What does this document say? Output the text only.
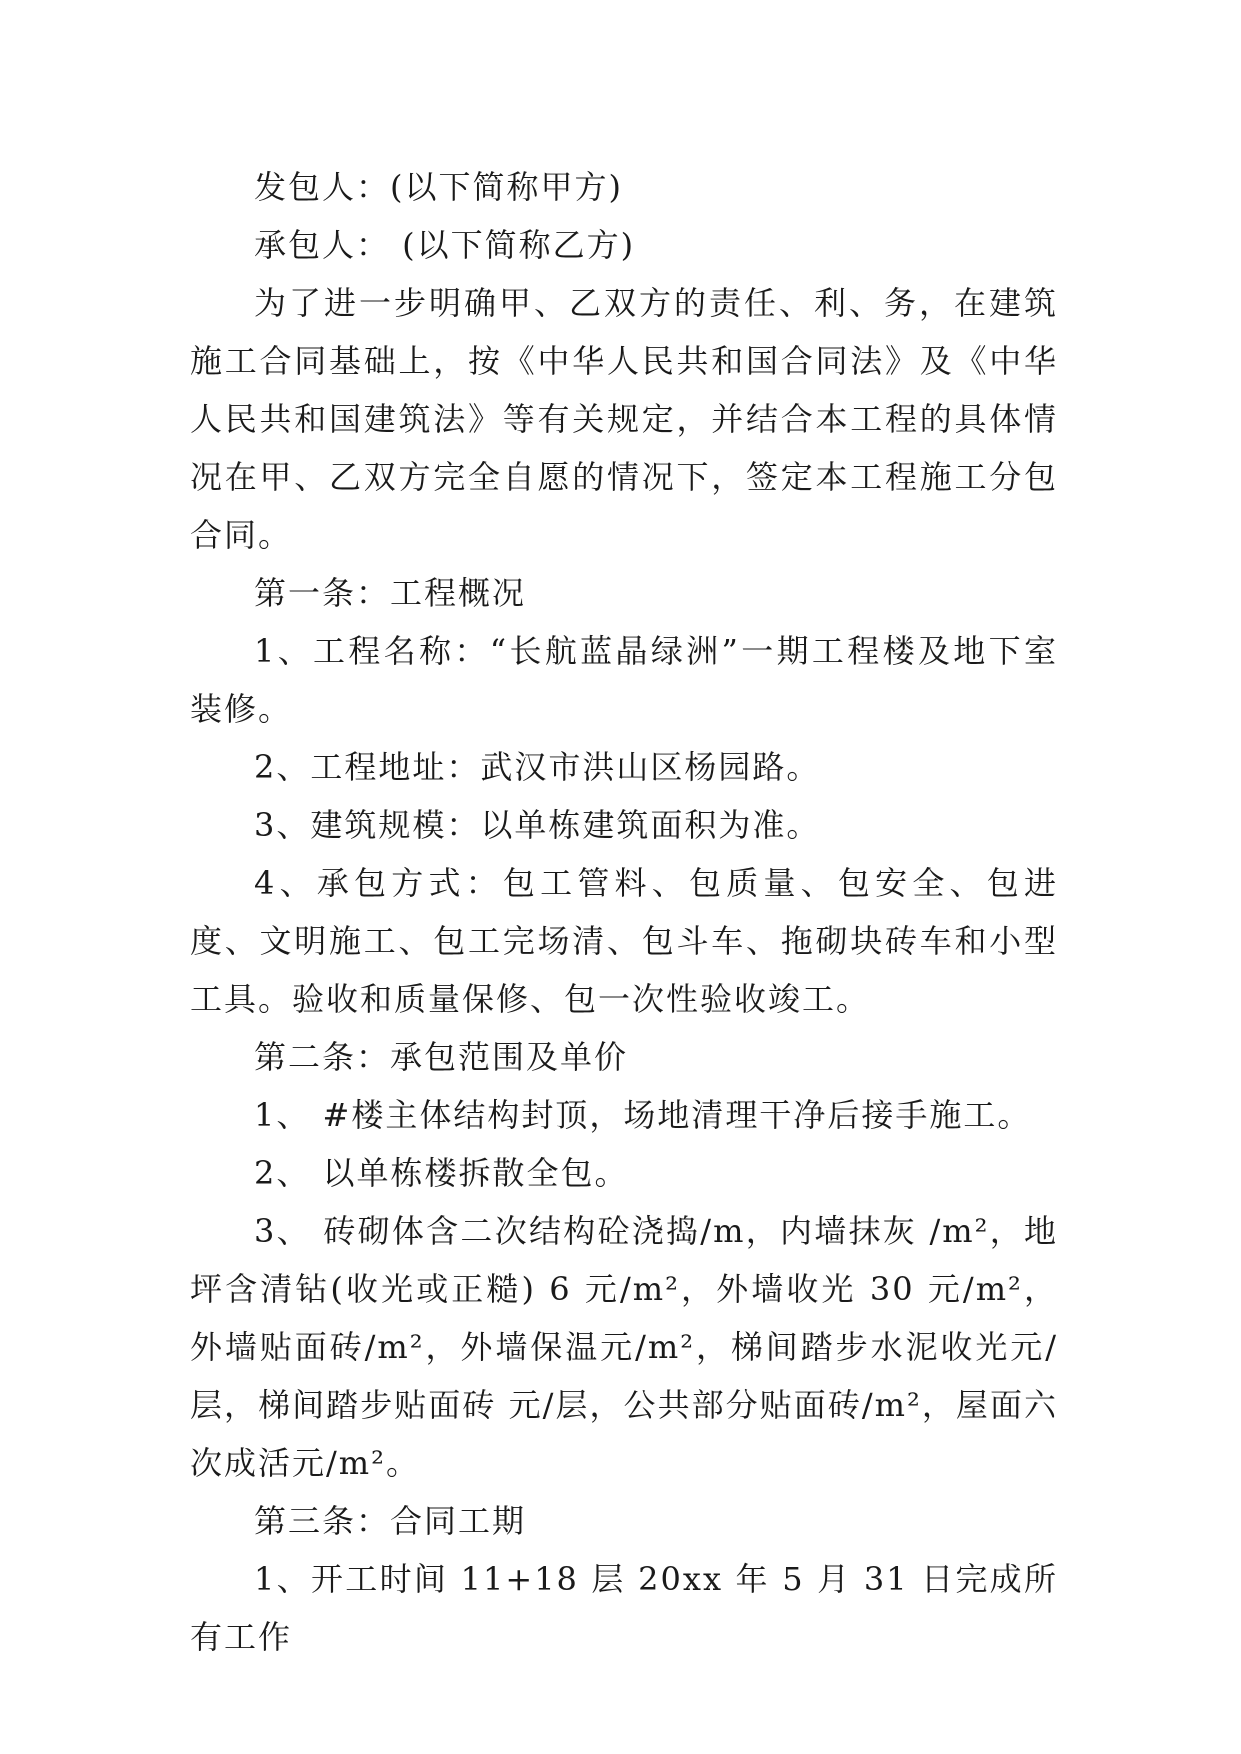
发包人：(以下简称甲方)

承包人： (以下简称乙方)

为了进一步明确甲、乙双方的责任、利、务，在建筑施工合同基础上，按《中华人民共和国合同法》及《中华人民共和国建筑法》等有关规定，并结合本工程的具体情况在甲、乙双方完全自愿的情况下，签定本工程施工分包合同。

第一条：工程概况

1、工程名称：“长航蓝晶绿洲”一期工程楼及地下室装修。

2、工程地址：武汉市洪山区杨园路。

3、建筑规模：以单栋建筑面积为准。

4、承包方式：包工管料、包质量、包安全、包进度、文明施工、包工完场清、包斗车、拖砌块砖车和小型工具。验收和质量保修、包一次性验收竣工。

第二条：承包范围及单价

1、 #楼主体结构封顶，场地清理干净后接手施工。

2、 以单栋楼拆散全包。

3、 砖砌体含二次结构砼浇捣/m，内墙抹灰 /m²，地坪含清钻(收光或正糙) 6 元/m²，外墙收光 30 元/m²，外墙贴面砖/m²，外墙保温元/m²，梯间踏步水泥收光元/层，梯间踏步贴面砖 元/层，公共部分贴面砖/m²，屋面六次成活元/m²。

第三条：合同工期

1、开工时间 11+18 层 20xx 年 5 月 31 日完成所有工作
